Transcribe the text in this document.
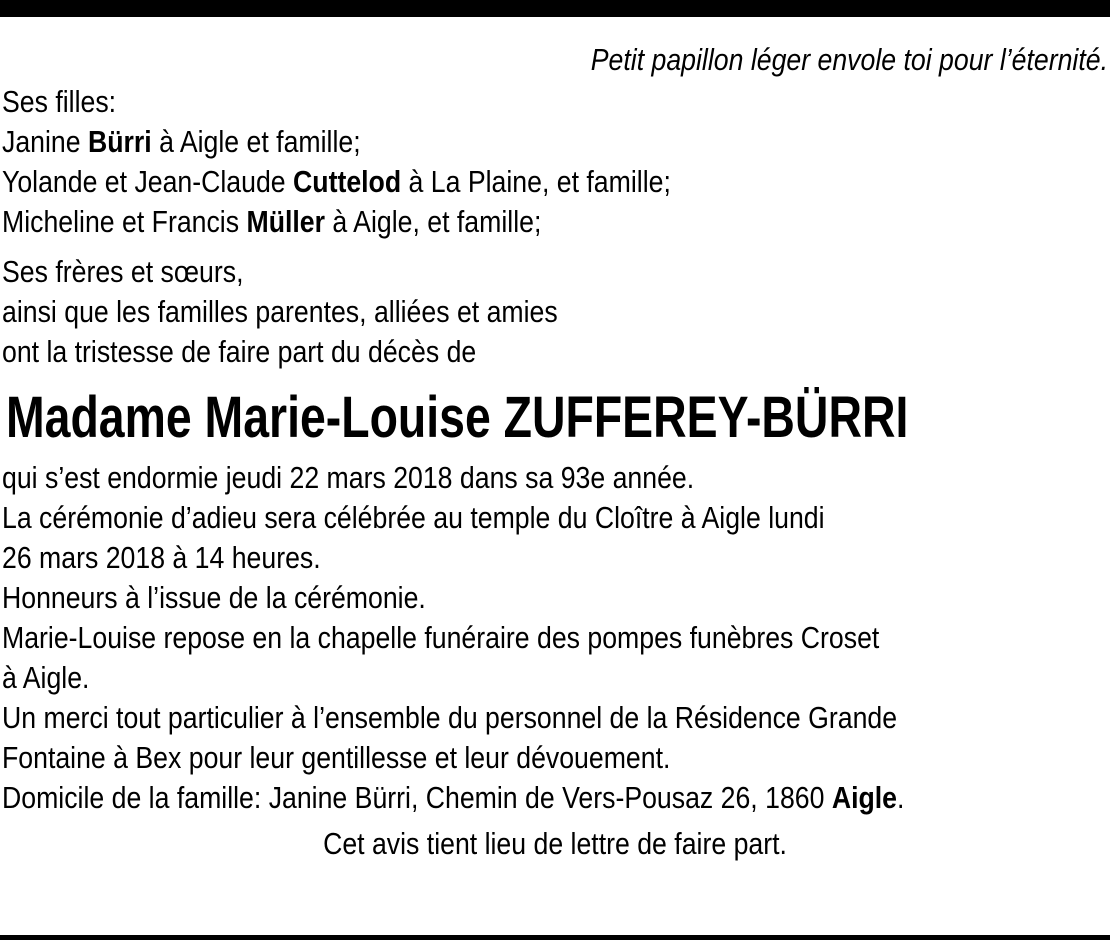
Petit papillon léger envole toi pour l’éternité.
Ses filles:
Janine Bürri à Aigle et famille;
Yolande et Jean-Claude Cuttelod à La Plaine, et famille;
Micheline et Francis Müller à Aigle, et famille;
Ses frères et sœurs,
ainsi que les familles parentes, alliées et amies
ont la tristesse de faire part du décès de
Madame Marie-Louise ZUFFEREY-BÜRRI
qui s’est endormie jeudi 22 mars 2018 dans sa 93e année.
La cérémonie d’adieu sera célébrée au temple du Cloître à Aigle lundi
26 mars 2018 à 14 heures.
Honneurs à l’issue de la cérémonie.
Marie-Louise repose en la chapelle funéraire des pompes funèbres Croset
à Aigle.
Un merci tout particulier à l’ensemble du personnel de la Résidence Grande
Fontaine à Bex pour leur gentillesse et leur dévouement.
Domicile de la famille: Janine Bürri, Chemin de Vers-Pousaz 26, 1860 Aigle.
Cet avis tient lieu de lettre de faire part.
